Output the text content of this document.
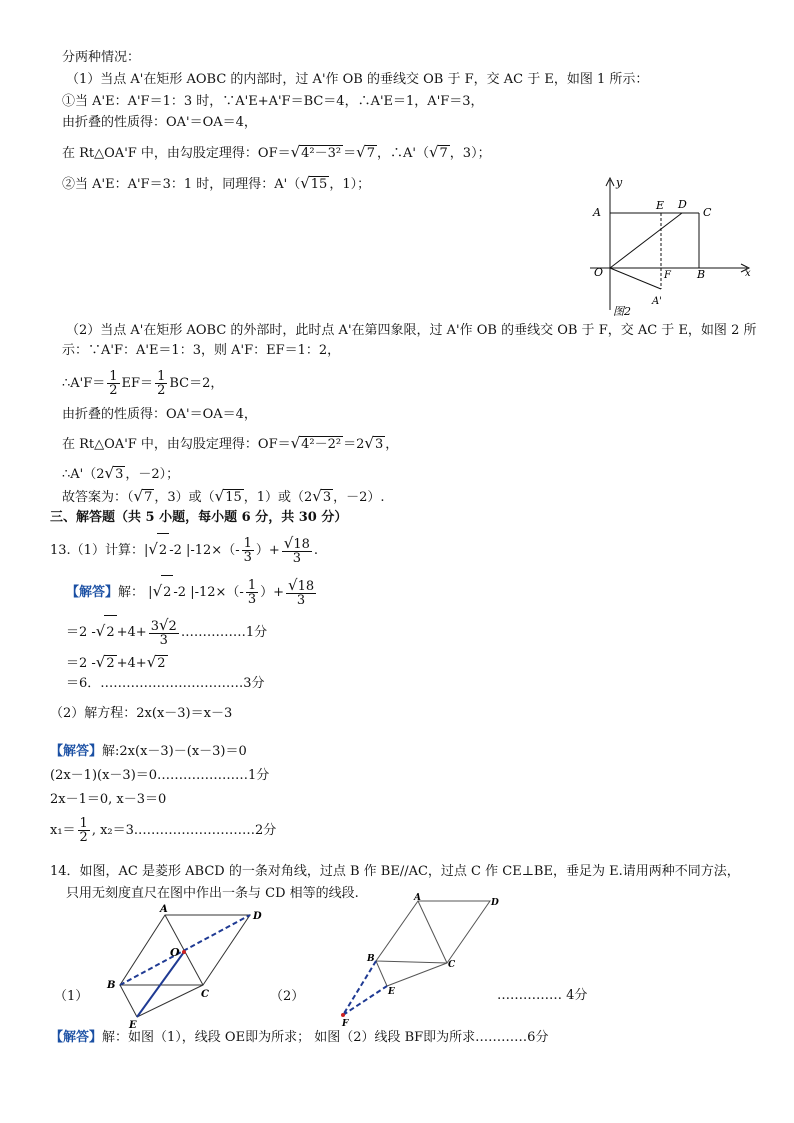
分两种情况：
（1）当点 A'在矩形 AOBC 的内部时，过 A'作 OB 的垂线交 OB 于 F，交 AC 于 E，如图 1 所示：
①当 A'E：A'F＝1：3 时，∵A'E+A'F＝BC＝4，∴A'E＝1，A'F＝3，
由折叠的性质得：OA'＝OA＝4，
在 Rt△OA'F 中，由勾股定理得：OF＝√4²－3² ＝√7 ，∴A'（√7 ，3）；
②当 A'E：A'F＝3：1 时，同理得：A'（√15 ，1）；	y
A
E D
C
O	F B	x
A'
图2
（2）当点 A'在矩形 AOBC 的外部时，此时点 A'在第四象限，过 A'作 OB 的垂线交 OB 于 F，交 AC 于 E，如图 2 所
示：∵A'F：A'E＝1：3，则 A'F：EF＝1：2，
∴A'F＝ $\frac{1}{2} EF= \frac{1}{2} BC=2$，
由折叠的性质得：OA'＝OA＝4，
在 Rt△OA'F 中，由勾股定理得：OF＝√4²－2² ＝2√3 ，
∴A'（2√3 ，－2）；
故答案为：（√7 ，3）或（√15 ，1）或（2√3 ，－2）.
三、解答题（共 5 小题，每小题 6 分，共 30 分）
13.（1）计算：|√2 -2 $|-12\times(- \frac{1}{3}$ ）+ $\frac{√18}{3}$ .
【解答】解： |√2 -2 $|-12\times(- \frac{1}{3}$ ）+ $\frac{√18}{3}$
＝2 $-√2 +4+ \frac{3√2}{3}$ ……………1分
＝2 -√2 +4+√2
＝6．……………………………3分
（2）解方程：2x(x－3)＝x－3
【解答】解:2x(x－3)－(x－3)＝0
(2x－1)(x－3)＝0…………………1分
2x－1＝0, x－3＝0
$x_1= \frac{1}{2}$ , x₂＝3.………………………2分
14．如图，AC 是菱形 ABCD 的一条对角线，过点 B 作 BE//AC，过点 C 作 CE⊥BE，垂足为 E.请用两种不同方法，
只用无刻度直尺在图中作出一条与 CD 相等的线段.
（1）
A
D
O
B
C
E
（2）
A	D
B
C
E
F
…………… 4分
【解答】解：如图（1），线段 OE即为所求； 如图（2）线段 BF即为所求…………6分
